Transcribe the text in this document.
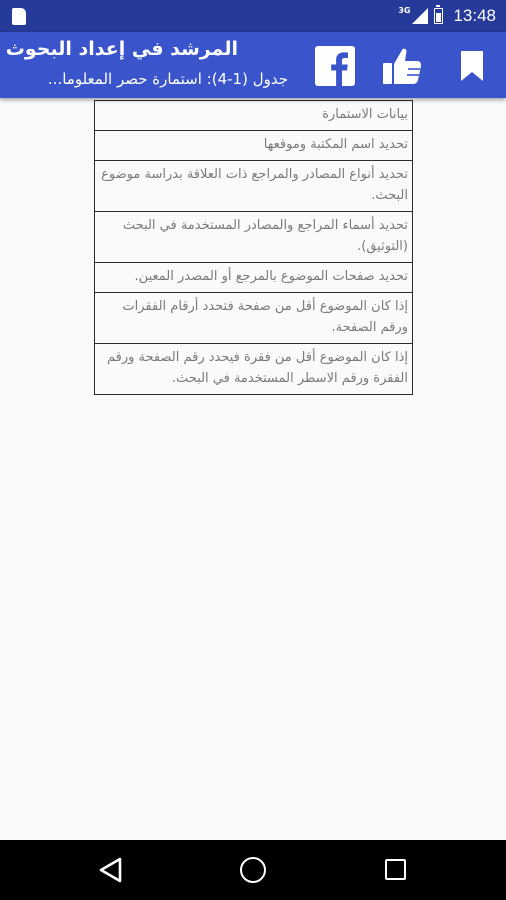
3G	13:48
المرشد في إعداد البحوث
جدول (1-4): استمارة حصر المعلوما...
بيانات الاستمارة
تحديد اسم المكتبة وموقعها
تحديد أنواع المصادر والمراجع ذات العلاقة بدراسة موضوع البحث.
تحديد أسماء المراجع والمصادر المستخدمة في البحث (التوثيق).
تحديد صفحات الموضوع بالمرجع أو المصدر المعين.
إذا كان الموضوع أقل من صفحة فتحدد أرقام الفقرات ورقم الصفحة.
إذا كان الموضوع أقل من فقرة فيحدد رقم الصفحة ورقم الفقرة ورقم الاسطر المستخدمة في البحث.
